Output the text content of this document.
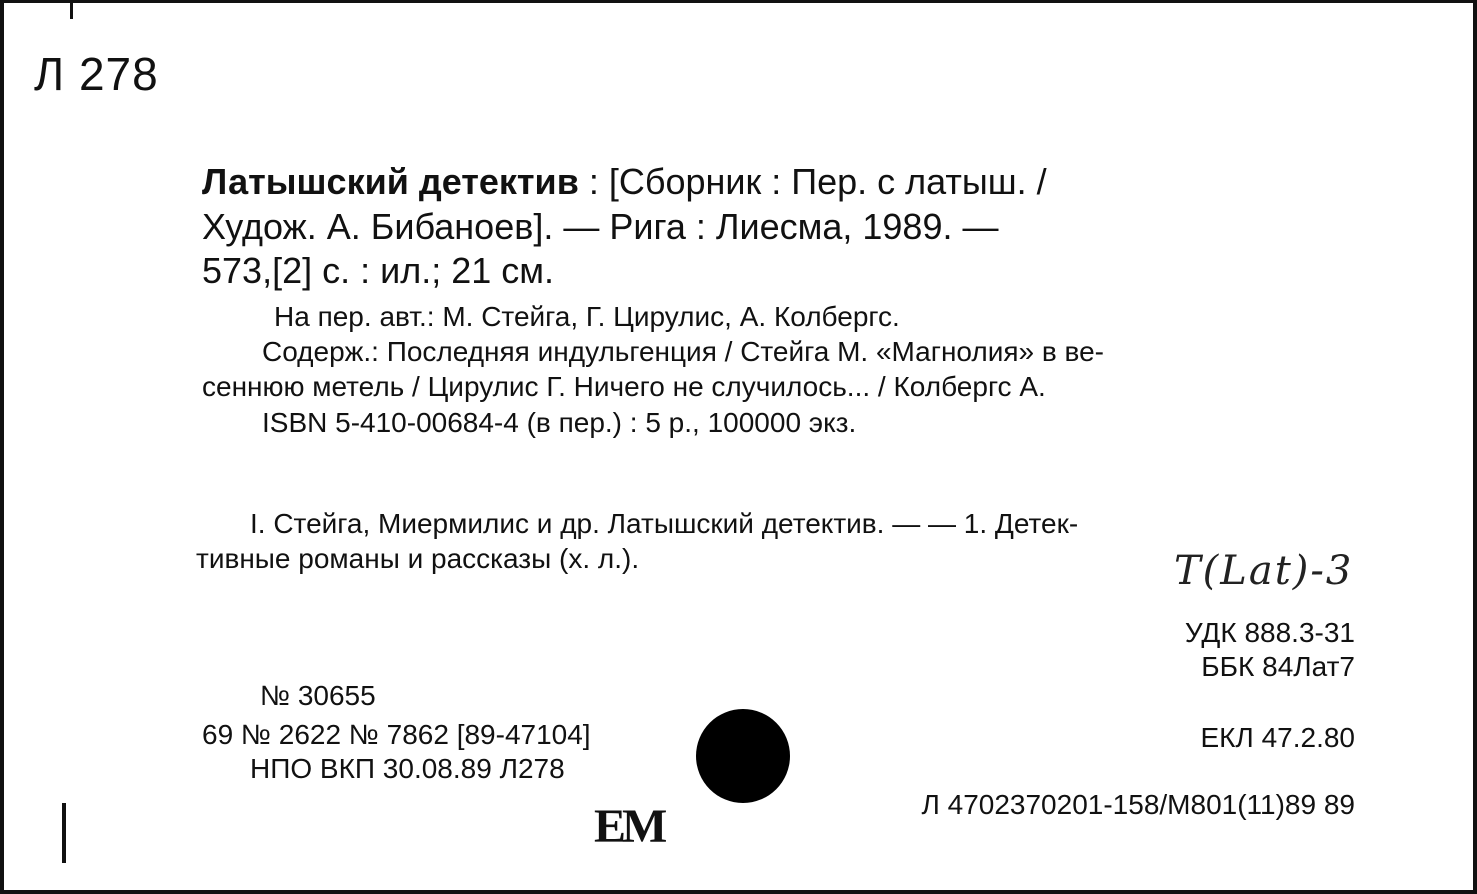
Л 278
Латышский детектив : [Сборник : Пер. с латыш. /
Худож. А. Бибаноев]. — Рига : Лиесма, 1989. —
573,[2] с. : ил.; 21 см.
На пер. авт.: М. Стейга, Г. Цирулис, А. Колбергс.
Содерж.: Последняя индульгенция / Стейга М. «Магнолия» в ве-
сеннюю метель / Цирулис Г. Ничего не случилось... / Колбергс А.
ISBN 5-410-00684-4 (в пер.) : 5 р., 100000 экз.
I. Стейга, Миермилис и др. Латышский детектив. — — 1. Детек-
тивные романы и рассказы (х. л.).	Т(Lat)-3
УДК 888.3-31
ББК 84Лат7
ЕКЛ 47.2.80
Л 4702370201-158/М801(11)89 89
№ 30655
69 № 2622 № 7862 [89-47104]
НПО ВКП 30.08.89 Л278
EM
